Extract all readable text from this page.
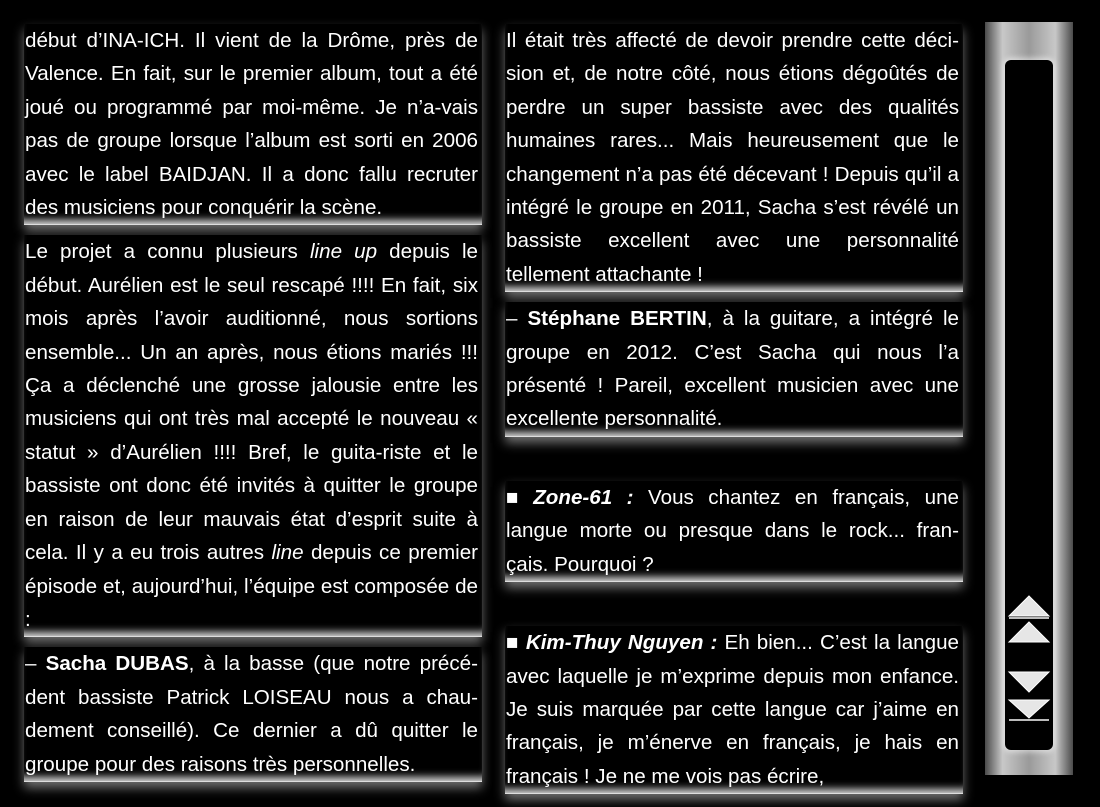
début d’INA-ICH. Il vient de la Drôme, près de Valence. En fait, sur le premier album, tout a été joué ou programmé par moi-même. Je n’a-vais pas de groupe lorsque l’album est sorti en 2006 avec le label BAIDJAN. Il a donc fallu recruter des musiciens pour conquérir la scène.

Le projet a connu plusieurs line up depuis le début. Aurélien est le seul rescapé !!!! En fait, six mois après l’avoir auditionné, nous sortions ensemble... Un an après, nous étions mariés !!! Ça a déclenché une grosse jalousie entre les musiciens qui ont très mal accepté le nouveau « statut » d’Aurélien !!!! Bref, le guita-riste et le bassiste ont donc été invités à quitter le groupe en raison de leur mauvais état d’esprit suite à cela. Il y a eu trois autres line depuis ce premier épisode et, aujourd’hui, l’équipe est composée de :

– Sacha DUBAS, à la basse (que notre précé-dent bassiste Patrick LOISEAU nous a chau-dement conseillé). Ce dernier a dû quitter le groupe pour des raisons très personnelles.

Il était très affecté de devoir prendre cette déci-sion et, de notre côté, nous étions dégoûtés de perdre un super bassiste avec des qualités humaines rares... Mais heureusement que le changement n’a pas été décevant ! Depuis qu’il a intégré le groupe en 2011, Sacha s’est révélé un bassiste excellent avec une personnalité tellement attachante !

– Stéphane BERTIN, à la guitare, a intégré le groupe en 2012. C’est Sacha qui nous l’a présenté ! Pareil, excellent musicien avec une excellente personnalité.

■ Zone-61 : Vous chantez en français, une langue morte ou presque dans le rock... fran-çais. Pourquoi ?

■ Kim-Thuy Nguyen : Eh bien... C’est la langue avec laquelle je m’exprime depuis mon enfance. Je suis marquée par cette langue car j’aime en français, je m’énerve en français, je hais en français ! Je ne me vois pas écrire,
